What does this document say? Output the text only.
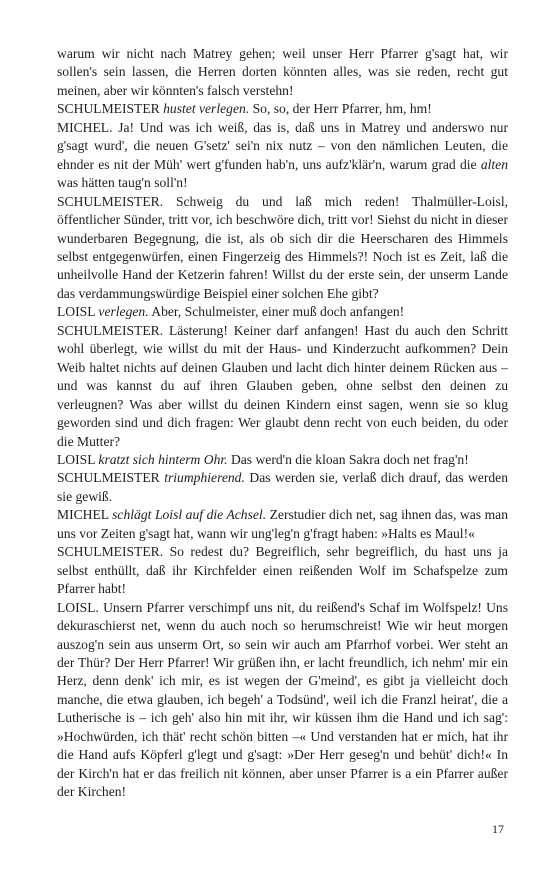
warum wir nicht nach Matrey gehen; weil unser Herr Pfarrer g'sagt hat, wir sollen's sein lassen, die Herren dorten könnten alles, was sie reden, recht gut meinen, aber wir könnten's falsch verstehn!

SCHULMEISTER hustet verlegen. So, so, der Herr Pfarrer, hm, hm!

MICHEL. Ja! Und was ich weiß, das is, daß uns in Matrey und anderswo nur g'sagt wurd', die neuen G'setz' sei'n nix nutz – von den nämlichen Leuten, die ehnder es nit der Müh' wert g'funden hab'n, uns aufz'klär'n, warum grad die alten was hätten taug'n soll'n!

SCHULMEISTER. Schweig du und laß mich reden! Thalmüller-Loisl, öffentlicher Sünder, tritt vor, ich beschwöre dich, tritt vor! Siehst du nicht in dieser wunderbaren Begegnung, die ist, als ob sich dir die Heerscharen des Himmels selbst entgegenwürfen, einen Fingerzeig des Himmels?! Noch ist es Zeit, laß die unheilvolle Hand der Ketzerin fahren! Willst du der erste sein, der unserm Lande das verdammungswürdige Beispiel einer solchen Ehe gibt?

LOISL verlegen. Aber, Schulmeister, einer muß doch anfangen!

SCHULMEISTER. Lästerung! Keiner darf anfangen! Hast du auch den Schritt wohl überlegt, wie willst du mit der Haus- und Kinderzucht aufkommen? Dein Weib haltet nichts auf deinen Glauben und lacht dich hinter deinem Rücken aus – und was kannst du auf ihren Glauben geben, ohne selbst den deinen zu verleugnen? Was aber willst du deinen Kindern einst sagen, wenn sie so klug geworden sind und dich fragen: Wer glaubt denn recht von euch beiden, du oder die Mutter?

LOISL kratzt sich hinterm Ohr. Das werd'n die kloan Sakra doch net frag'n!

SCHULMEISTER triumphierend. Das werden sie, verlaß dich drauf, das werden sie gewiß.

MICHEL schlägt Loisl auf die Achsel. Zerstudier dich net, sag ihnen das, was man uns vor Zeiten g'sagt hat, wann wir ung'leg'n g'fragt haben: »Halts es Maul!«

SCHULMEISTER. So redest du? Begreiflich, sehr begreiflich, du hast uns ja selbst enthüllt, daß ihr Kirchfelder einen reißenden Wolf im Schafspelze zum Pfarrer habt!

LOISL. Unsern Pfarrer verschimpf uns nit, du reißend's Schaf im Wolfspelz! Uns dekuraschierst net, wenn du auch noch so herumschreist! Wie wir heut morgen auszog'n sein aus unserm Ort, so sein wir auch am Pfarrhof vorbei. Wer steht an der Thür? Der Herr Pfarrer! Wir grüßen ihn, er lacht freundlich, ich nehm' mir ein Herz, denn denk' ich mir, es ist wegen der G'meind', es gibt ja vielleicht doch manche, die etwa glauben, ich begeh' a Todsünd', weil ich die Franzl heirat', die a Lutherische is – ich geh' also hin mit ihr, wir küssen ihm die Hand und ich sag': »Hochwürden, ich thät' recht schön bitten –« Und verstanden hat er mich, hat ihr die Hand aufs Köpferl g'legt und g'sagt: »Der Herr geseg'n und behüt' dich!« In der Kirch'n hat er das freilich nit können, aber unser Pfarrer is a ein Pfarrer außer der Kirchen!

17
